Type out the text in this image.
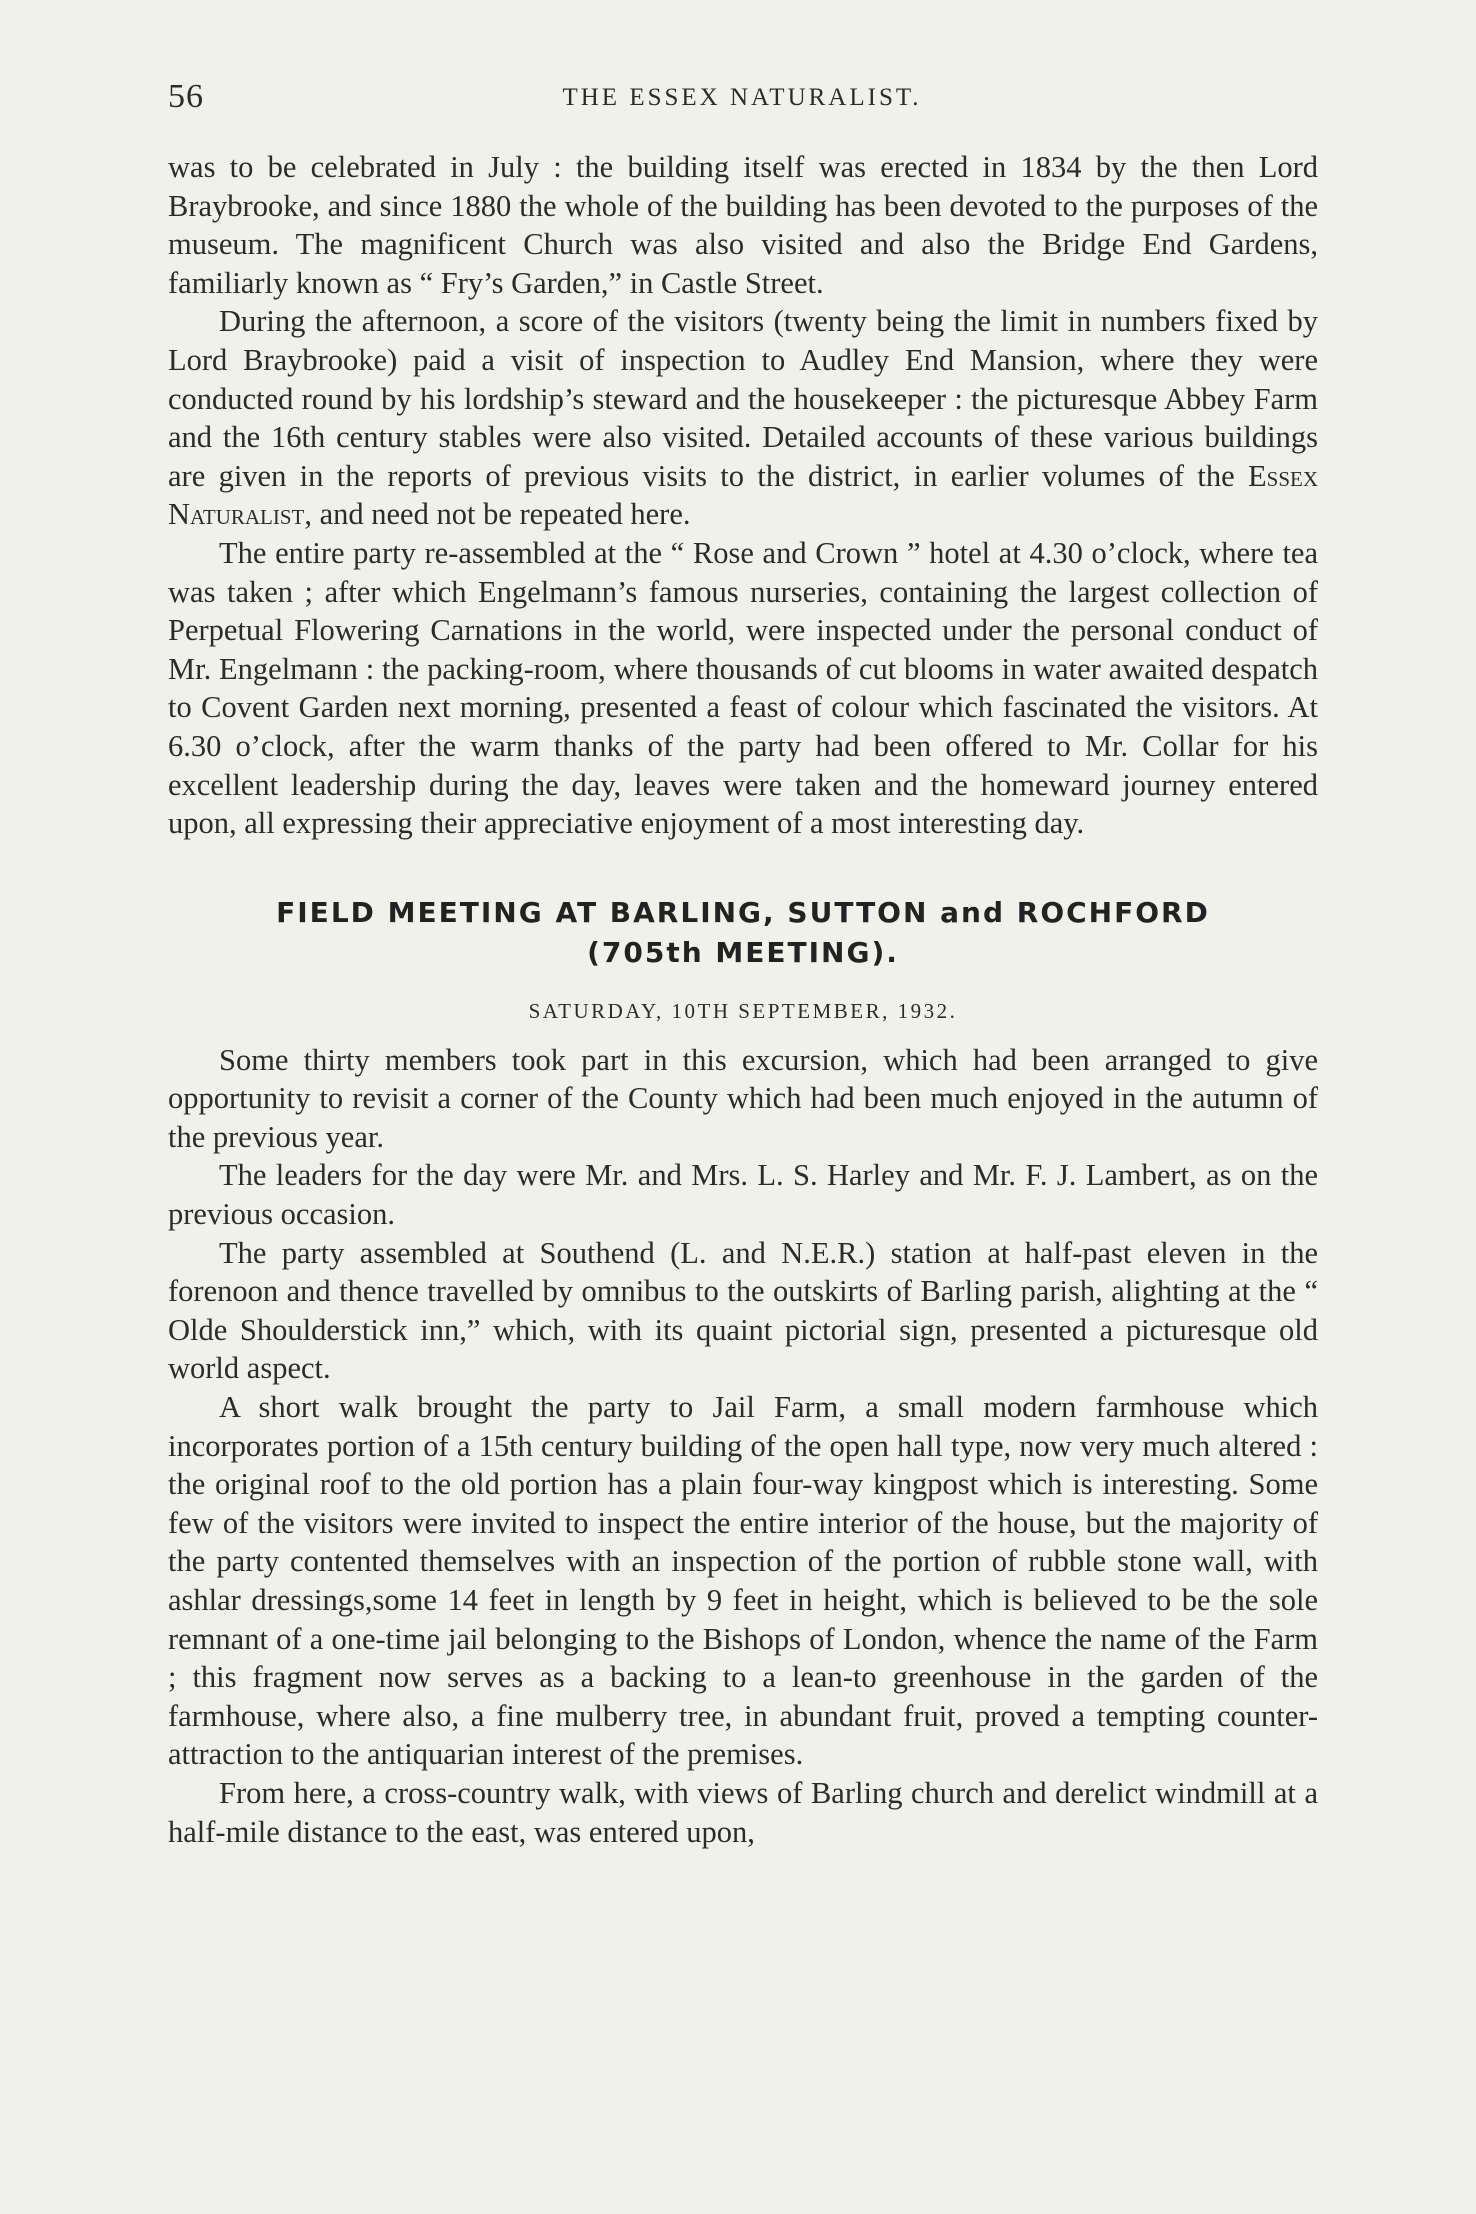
56	THE ESSEX NATURALIST.

was to be celebrated in July : the building itself was erected in 1834 by the then Lord Braybrooke, and since 1880 the whole of the building has been devoted to the purposes of the museum. The magnificent Church was also visited and also the Bridge End Gardens, familiarly known as “ Fry’s Garden,” in Castle Street.

During the afternoon, a score of the visitors (twenty being the limit in numbers fixed by Lord Braybrooke) paid a visit of inspection to Audley End Mansion, where they were conducted round by his lordship’s steward and the housekeeper : the picturesque Abbey Farm and the 16th century stables were also visited. Detailed accounts of these various buildings are given in the reports of previous visits to the district, in earlier volumes of the Essex Naturalist, and need not be repeated here.

The entire party re-assembled at the “ Rose and Crown ” hotel at 4.30 o’clock, where tea was taken ; after which Engelmann’s famous nurseries, containing the largest collection of Perpetual Flowering Carnations in the world, were inspected under the personal conduct of Mr. Engelmann : the packing-room, where thousands of cut blooms in water awaited despatch to Covent Garden next morning, presented a feast of colour which fascinated the visitors. At 6.30 o’clock, after the warm thanks of the party had been offered to Mr. Collar for his excellent leadership during the day, leaves were taken and the homeward journey entered upon, all expressing their appreciative enjoyment of a most interesting day.

FIELD MEETING AT BARLING, SUTTON and ROCHFORD
(705th MEETING).
SATURDAY, 10TH SEPTEMBER, 1932.

Some thirty members took part in this excursion, which had been arranged to give opportunity to revisit a corner of the County which had been much enjoyed in the autumn of the previous year.

The leaders for the day were Mr. and Mrs. L. S. Harley and Mr. F. J. Lambert, as on the previous occasion.

The party assembled at Southend (L. and N.E.R.) station at half-past eleven in the forenoon and thence travelled by omnibus to the outskirts of Barling parish, alighting at the “ Olde Shoulderstick inn,” which, with its quaint pictorial sign, presented a picturesque old world aspect.

A short walk brought the party to Jail Farm, a small modern farmhouse which incorporates portion of a 15th century building of the open hall type, now very much altered : the original roof to the old portion has a plain four-way kingpost which is interesting. Some few of the visitors were invited to inspect the entire interior of the house, but the majority of the party contented themselves with an inspection of the portion of rubble stone wall, with ashlar dressings,some 14 feet in length by 9 feet in height, which is believed to be the sole remnant of a one-time jail belonging to the Bishops of London, whence the name of the Farm ; this fragment now serves as a backing to a lean-to greenhouse in the garden of the farmhouse, where also, a fine mulberry tree, in abundant fruit, proved a tempting counter-attraction to the antiquarian interest of the premises.

From here, a cross-country walk, with views of Barling church and derelict windmill at a half-mile distance to the east, was entered upon,
